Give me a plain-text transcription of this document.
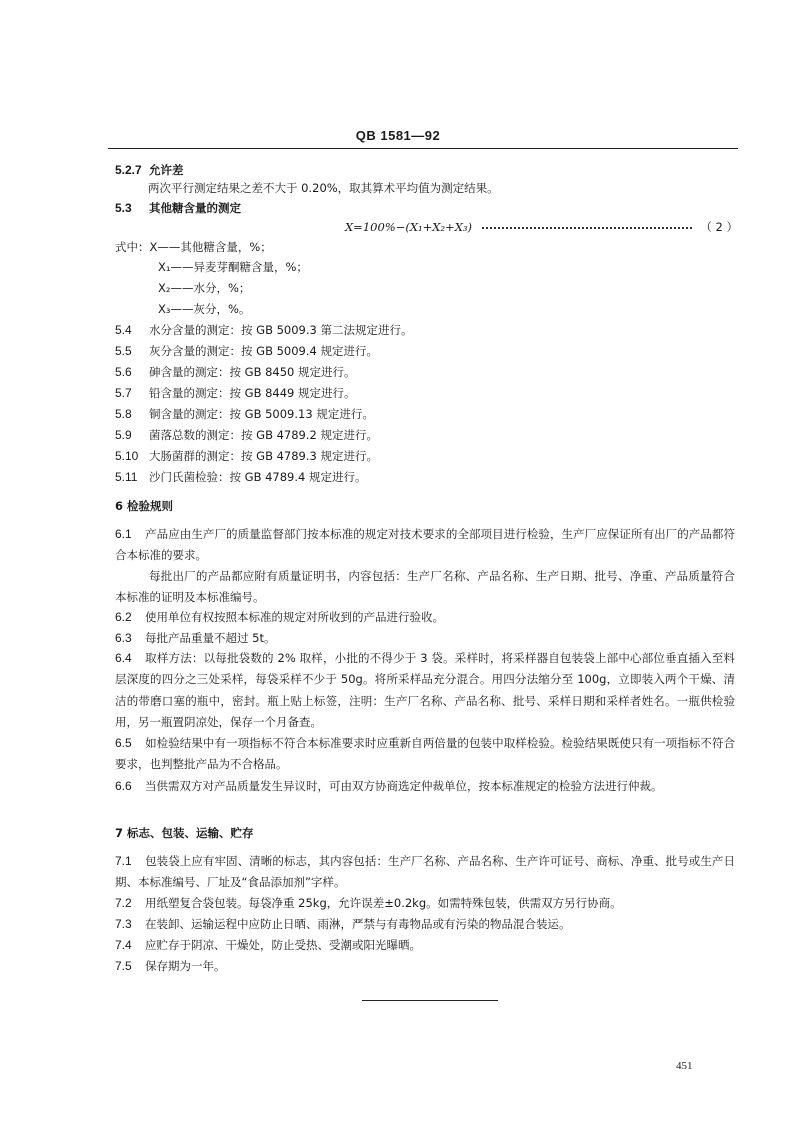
QB 1581—92
5.2.7 允许差
两次平行测定结果之差不大于 0.20%，取其算术平均值为测定结果。
5.3 其他糖含量的测定
X=100%−(X₁+X₂+X₃)	（ 2 ）
式中：X——其他糖含量，%；
X₁——异麦芽酮糖含量，%；
X₂——水分，%；
X₃——灰分，%。
5.4 水分含量的测定：按 GB 5009.3 第二法规定进行。
5.5 灰分含量的测定：按 GB 5009.4 规定进行。
5.6 砷含量的测定：按 GB 8450 规定进行。
5.7 铅含量的测定：按 GB 8449 规定进行。
5.8 铜含量的测定：按 GB 5009.13 规定进行。
5.9 菌落总数的测定：按 GB 4789.2 规定进行。
5.10 大肠菌群的测定：按 GB 4789.3 规定进行。
5.11 沙门氏菌检验：按 GB 4789.4 规定进行。
6 检验规则
6.1 产品应由生产厂的质量监督部门按本标准的规定对技术要求的全部项目进行检验，生产厂应保证所有出厂的产品都符合本标准的要求。
每批出厂的产品都应附有质量证明书，内容包括：生产厂名称、产品名称、生产日期、批号、净重、产品质量符合本标准的证明及本标准编号。
6.2 使用单位有权按照本标准的规定对所收到的产品进行验收。
6.3 每批产品重量不超过 5t。
6.4 取样方法：以每批袋数的 2% 取样，小批的不得少于 3 袋。采样时，将采样器自包装袋上部中心部位垂直插入至料层深度的四分之三处采样，每袋采样不少于 50g。将所采样品充分混合。用四分法缩分至 100g，立即装入两个干燥、清洁的带磨口塞的瓶中，密封。瓶上贴上标签，注明：生产厂名称、产品名称、批号、采样日期和采样者姓名。一瓶供检验用，另一瓶置阴凉处，保存一个月备查。
6.5 如检验结果中有一项指标不符合本标准要求时应重新自两倍量的包装中取样检验。检验结果既使只有一项指标不符合要求，也判整批产品为不合格品。
6.6 当供需双方对产品质量发生异议时，可由双方协商选定仲裁单位，按本标准规定的检验方法进行仲裁。
7 标志、包装、运输、贮存
7.1 包装袋上应有牢固、清晰的标志，其内容包括：生产厂名称、产品名称、生产许可证号、商标、净重、批号或生产日期、本标准编号、厂址及“食品添加剂”字样。
7.2 用纸塑复合袋包装。每袋净重 25kg，允许误差±0.2kg。如需特殊包装，供需双方另行协商。
7.3 在装卸、运输运程中应防止日晒、雨淋，严禁与有毒物品或有污染的物品混合装运。
7.4 应贮存于阴凉、干燥处，防止受热、受潮或阳光曝晒。
7.5 保存期为一年。
451
